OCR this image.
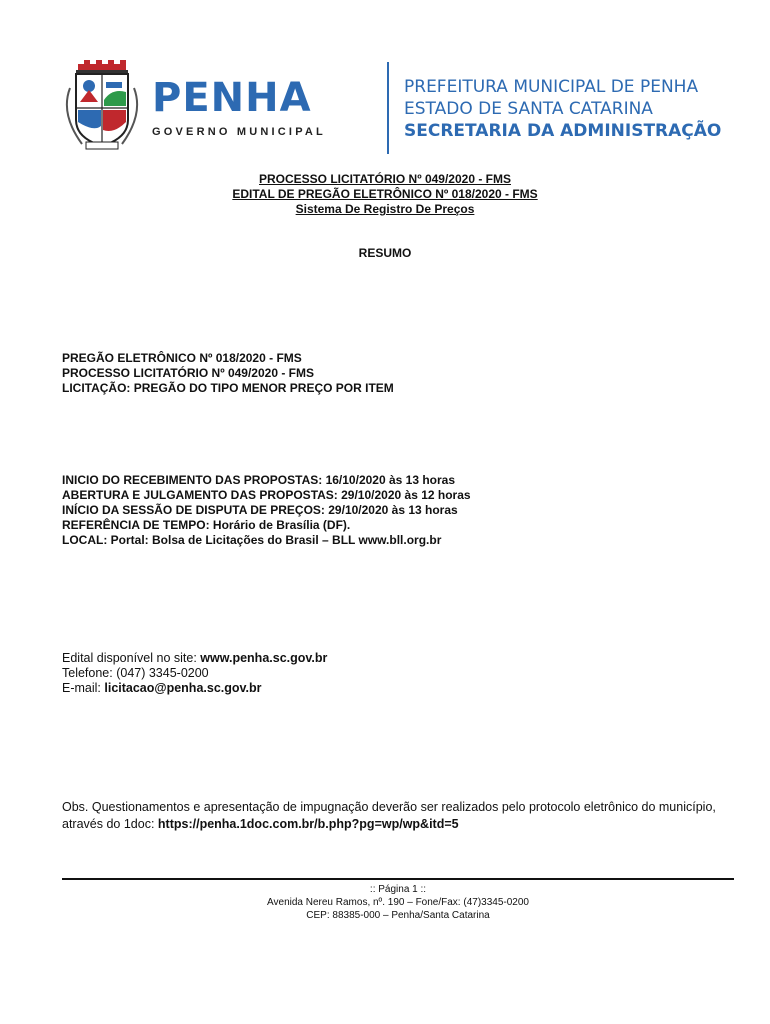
PENHA
GOVERNO MUNICIPAL
PREFEITURA MUNICIPAL DE PENHA
ESTADO DE SANTA CATARINA
SECRETARIA DA ADMINISTRAÇÃO
PROCESSO LICITATÓRIO Nº 049/2020 - FMS
EDITAL DE PREGÃO ELETRÔNICO Nº 018/2020 - FMS
Sistema De Registro De Preços
RESUMO
PREGÃO ELETRÔNICO Nº 018/2020 - FMS
PROCESSO LICITATÓRIO Nº 049/2020 - FMS
LICITAÇÃO: PREGÃO DO TIPO MENOR PREÇO POR ITEM
INICIO DO RECEBIMENTO DAS PROPOSTAS: 16/10/2020 às 13 horas
ABERTURA E JULGAMENTO DAS PROPOSTAS: 29/10/2020 às 12 horas
INÍCIO DA SESSÃO DE DISPUTA DE PREÇOS: 29/10/2020 às 13 horas
REFERÊNCIA DE TEMPO: Horário de Brasília (DF).
LOCAL: Portal: Bolsa de Licitações do Brasil – BLL www.bll.org.br
Edital disponível no site: www.penha.sc.gov.br
Telefone: (047) 3345-0200
E-mail: licitacao@penha.sc.gov.br
Obs. Questionamentos e apresentação de impugnação deverão ser realizados pelo protocolo eletrônico do município, através do 1doc: https://penha.1doc.com.br/b.php?pg=wp/wp&itd=5
:: Página 1 ::
Avenida Nereu Ramos, nº. 190 – Fone/Fax: (47)3345-0200
CEP: 88385-000 – Penha/Santa Catarina
